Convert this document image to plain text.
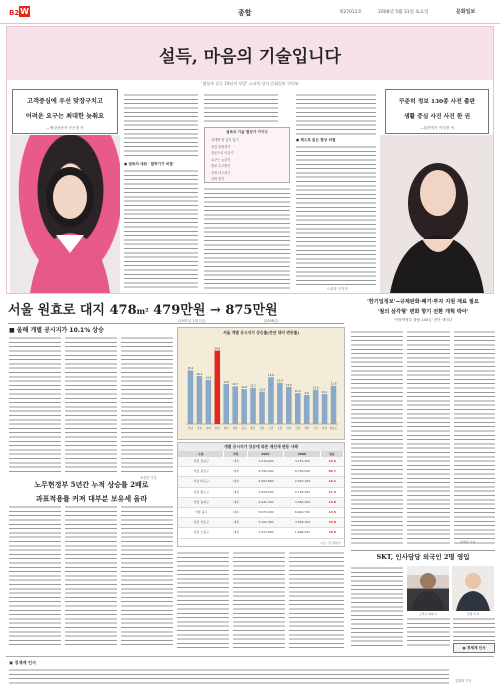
B2 W	종합	제27012호	2008년 5월 31일 토요일	문화일보
설득, 마음의 기술입니다
'협상과 설득 10년의 보람' 스피치 강사 문화일보 인터뷰
고객중심에 우선 맞장구치고
어려운 요구는 최대한 늦춰요
―협상전문가 송은경 씨
꾸준히 정보 130종 사전 출판
생활 중심 사진 사진 한 권
―통번역가 이지현 씨
설득의 기술 협상가 가이드
상대방 말 끊지 않기
공감 표현하기
질문으로 이끌기
요구는 늦추기
양보 주고받기
감정 다스리기
신뢰 쌓기
● 설득의 대원 ' 말하기가 비결'
● 책으로 읽는 협상 비결
도움말 이지현
서울 원효로 대지 478m² 479만원 → 875만원
(2007년 1월 1일)	(2008년)
■ 올해 개별 공시지가 10.1% 상승	서울 개별 공시지가 상승률(전년 대비 변동률)
18.1
강남
16.2
서초
14.9
송파
24.8
용산
13.5
마포
12.7
성동
11.8
중구
12.2
종로
10.9
강동
15.8
노원
13.9
도봉
12.5
강북
10.4
금천
9.8
관악
11.6
구로
10.1
동작
12.9
영등포
개별 공시지가 상승에 따른 재산세 변동 사례
구분	지목	2007	2008	상승
서울 강남구	대지	3,219,600	3,751,300	16.5
서울 용산구	대지	4,790,000	8,750,000	82.7
서울 마포구	대지	2,064,800	2,397,100	16.1
서울 종로구	대지	1,834,500	2,156,200	17.5
서울 송파구	대지	2,941,300	3,383,200	15.0
서울 중구	대지	5,672,000	6,492,700	14.5
서울 서초구	대지	3,102,400	3,594,100	15.8
서울 노원구	대지	1,437,800	1,696,500	18.0
자료: 국토해양부
조성진 기자
노무현정부 5년간 누적 상승률 2배로
과표적용률 커져 대부분 보유세 올라
'한기업정보'→규제완화·폐기·투자 지원 재료 필요
'철의 삼각형' 변화 향기 전환 개혁 박아'
'이명박정부 출범 100일' 진단 세미나
최재원 기자
SKT, 인사담당 외국인 2명 영입
스리니 피에 씨	로렌 커 씨
▣ 경제계 인사
▣ 경제계 인사
김희영 기자
